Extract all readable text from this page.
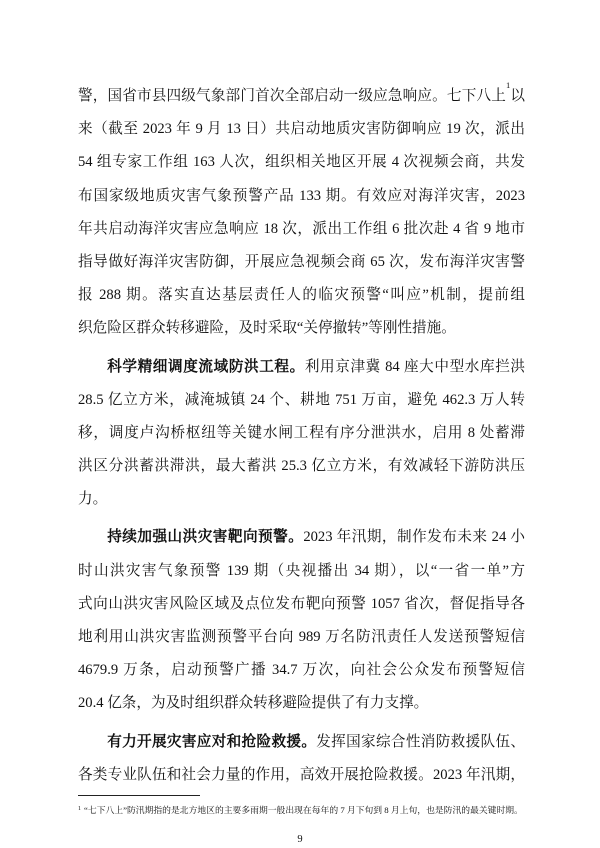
警，国省市县四级气象部门首次全部启动一级应急响应。七下八上$^1$以
来（截至 2023 年 9 月 13 日）共启动地质灾害防御响应 19 次，派出
54 组专家工作组 163 人次，组织相关地区开展 4 次视频会商，共发
布国家级地质灾害气象预警产品 133 期。有效应对海洋灾害，2023
年共启动海洋灾害应急响应 18 次，派出工作组 6 批次赴 4 省 9 地市
指导做好海洋灾害防御，开展应急视频会商 65 次，发布海洋灾害警
报 288 期。落实直达基层责任人的临灾预警“叫应”机制，提前组
织危险区群众转移避险，及时采取“关停撤转”等刚性措施。
科学精细调度流域防洪工程。利用京津冀 84 座大中型水库拦洪
28.5 亿立方米，减淹城镇 24 个、耕地 751 万亩，避免 462.3 万人转
移，调度卢沟桥枢纽等关键水闸工程有序分泄洪水，启用 8 处蓄滞
洪区分洪蓄洪滞洪，最大蓄洪 25.3 亿立方米，有效减轻下游防洪压
力。
持续加强山洪灾害靶向预警。2023 年汛期，制作发布未来 24 小
时山洪灾害气象预警 139 期（央视播出 34 期），以“一省一单”方
式向山洪灾害风险区域及点位发布靶向预警 1057 省次，督促指导各
地利用山洪灾害监测预警平台向 989 万名防汛责任人发送预警短信
4679.9 万条，启动预警广播 34.7 万次，向社会公众发布预警短信
20.4 亿条，为及时组织群众转移避险提供了有力支撑。
有力开展灾害应对和抢险救援。发挥国家综合性消防救援队伍、
各类专业队伍和社会力量的作用，高效开展抢险救援。2023 年汛期，
$^1$ “七下八上”防汛期指的是北方地区的主要多雨期一般出现在每年的 7 月下旬到 8 月上旬，也是防汛的最关键时期。
9
